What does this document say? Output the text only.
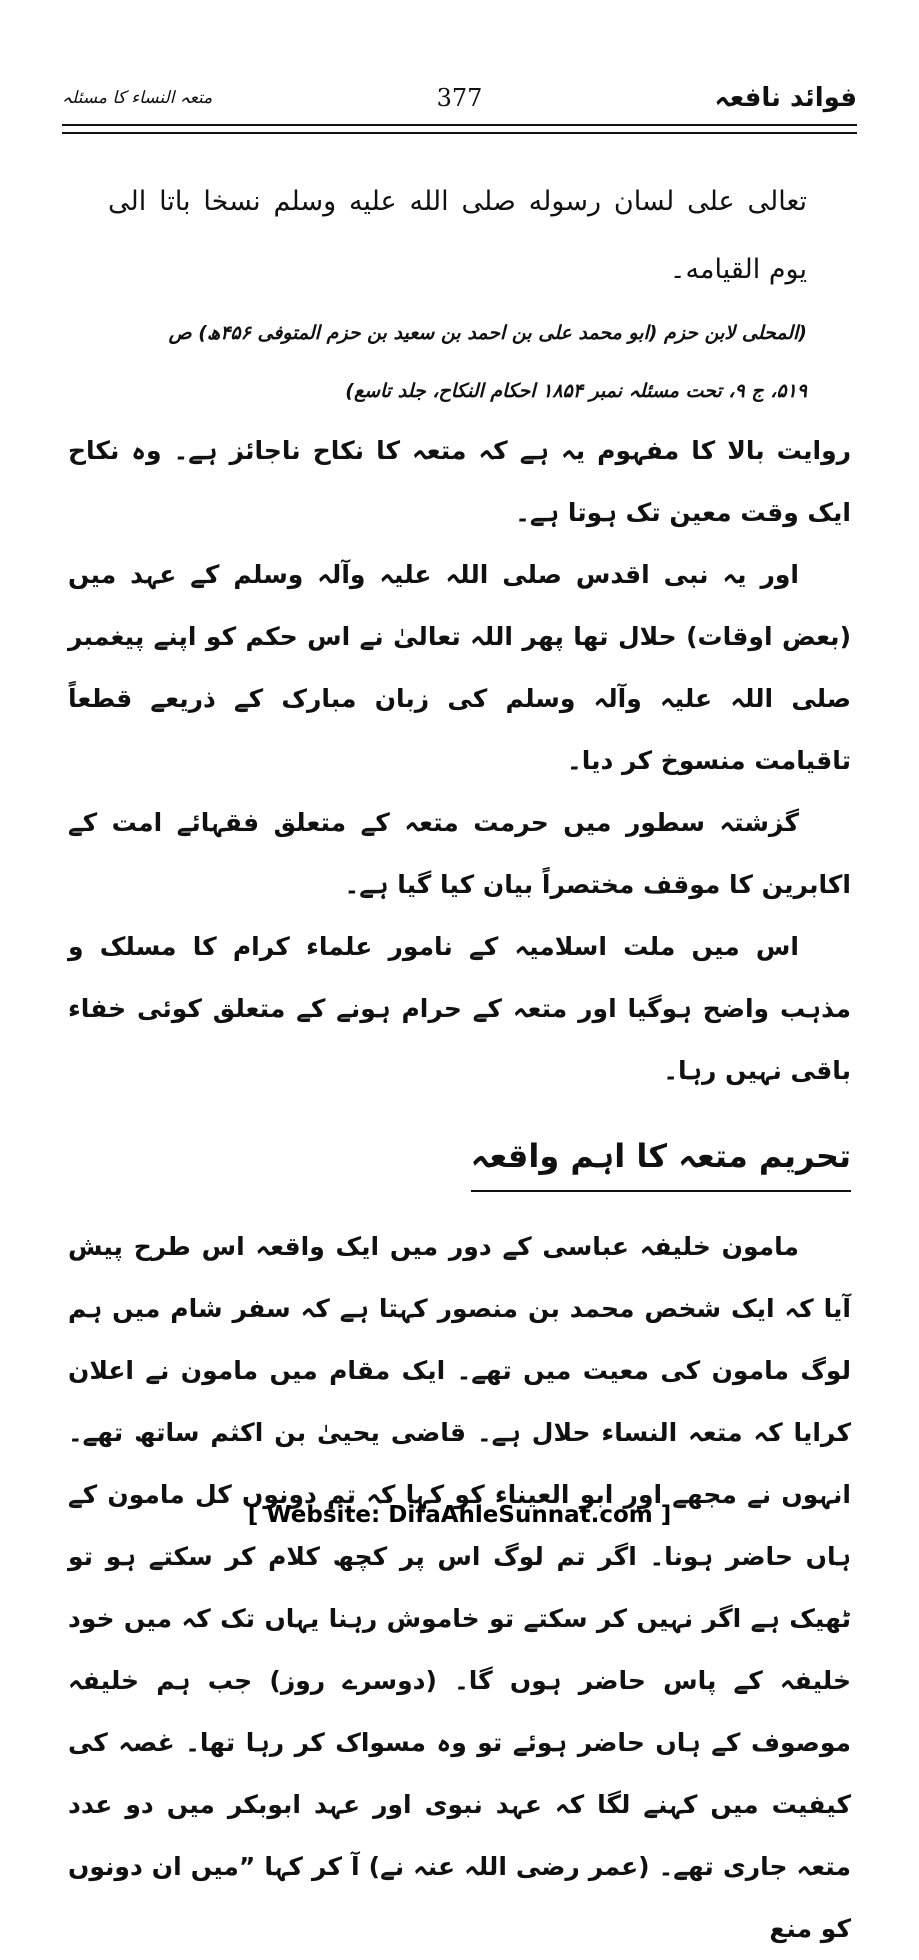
فوائد نافعہ
377
متعہ النساء کا مسئلہ

تعالی علی لسان رسوله صلی الله علیه وسلم نسخا باتا الی یوم القیامه۔

(المحلی لابن حزم (ابو محمد علی بن احمد بن سعید بن حزم المتوفی ۴۵۶ھ) ص ۵۱۹، ج ۹، تحت مسئلہ نمبر ۱۸۵۴ احکام النکاح، جلد تاسع)

روایت بالا کا مفہوم یہ ہے کہ متعہ کا نکاح ناجائز ہے۔ وہ نکاح ایک وقت معین تک ہوتا ہے۔

اور یہ نبی اقدس صلی اللہ علیہ وآلہ وسلم کے عہد میں (بعض اوقات) حلال تھا پھر اللہ تعالیٰ نے اس حکم کو اپنے پیغمبر صلی اللہ علیہ وآلہ وسلم کی زبان مبارک کے ذریعے قطعاً تاقیامت منسوخ کر دیا۔

گزشتہ سطور میں حرمت متعہ کے متعلق فقہائے امت کے اکابرین کا موقف مختصراً بیان کیا گیا ہے۔

اس میں ملت اسلامیہ کے نامور علماء کرام کا مسلک و مذہب واضح ہوگیا اور متعہ کے حرام ہونے کے متعلق کوئی خفاء باقی نہیں رہا۔

تحریم متعہ کا اہم واقعہ

مامون خلیفہ عباسی کے دور میں ایک واقعہ اس طرح پیش آیا کہ ایک شخص محمد بن منصور کہتا ہے کہ سفر شام میں ہم لوگ مامون کی معیت میں تھے۔ ایک مقام میں مامون نے اعلان کرایا کہ متعہ النساء حلال ہے۔ قاضی یحییٰ بن اکثم ساتھ تھے۔ انہوں نے مجھے اور ابو العیناء کو کہا کہ تم دونوں کل مامون کے ہاں حاضر ہونا۔ اگر تم لوگ اس پر کچھ کلام کر سکتے ہو تو ٹھیک ہے اگر نہیں کر سکتے تو خاموش رہنا یہاں تک کہ میں خود خلیفہ کے پاس حاضر ہوں گا۔ (دوسرے روز) جب ہم خلیفہ موصوف کے ہاں حاضر ہوئے تو وہ مسواک کر رہا تھا۔ غصہ کی کیفیت میں کہنے لگا کہ عہد نبوی اور عہد ابوبکر میں دو عدد متعہ جاری تھے۔ (عمر رضی اللہ عنہ نے) آ کر کہا ”میں ان دونوں کو منع

[ Website: DifaAhleSunnat.com ]
